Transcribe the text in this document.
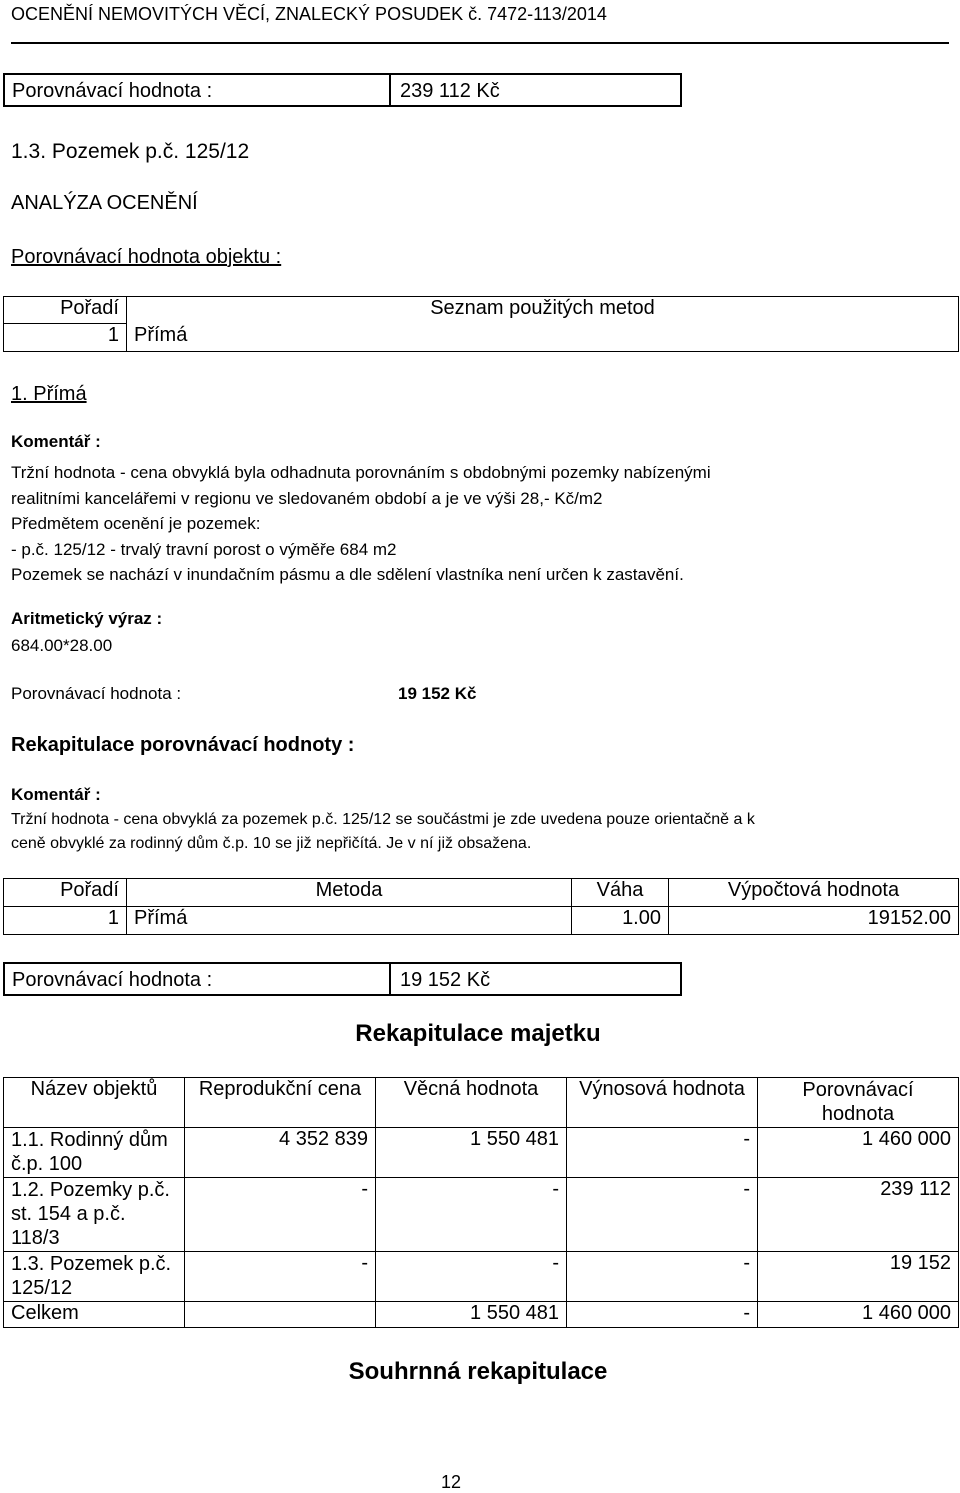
OCENĚNÍ NEMOVITÝCH VĚCÍ, ZNALECKÝ POSUDEK č. 7472-113/2014
Porovnávací hodnota :	239 112 Kč
1.3. Pozemek p.č. 125/12
ANALÝZA OCENĚNÍ
Porovnávací hodnota objektu :
Pořadí	Seznam použitých metod
1	Přímá
1. Přímá
Komentář :
Tržní hodnota - cena obvyklá byla odhadnuta porovnáním s obdobnými pozemky nabízenými
realitními kancelářemi v regionu ve sledovaném období a je ve výši 28,- Kč/m2
Předmětem ocenění je pozemek:
- p.č. 125/12 - trvalý travní porost o výměře 684 m2
Pozemek se nachází v inundačním pásmu a dle sdělení vlastníka není určen k zastavění.
Aritmetický výraz :
684.00*28.00
Porovnávací hodnota :	19 152 Kč
Rekapitulace porovnávací hodnoty :
Komentář :
Tržní hodnota - cena obvyklá za pozemek p.č. 125/12 se součástmi je zde uvedena pouze orientačně a k
ceně obvyklé za rodinný dům č.p. 10 se již nepřičítá. Je v ní již obsažena.
Pořadí	Metoda	Váha	Výpočtová hodnota
1	Přímá	1.00	19152.00
Porovnávací hodnota :	19 152 Kč
Rekapitulace majetku
Název objektů	Reprodukční cena	Věcná hodnota	Výnosová hodnota	Porovnávací hodnota
1.1. Rodinný dům č.p. 100	4 352 839	1 550 481	-	1 460 000
1.2. Pozemky p.č. st. 154 a p.č. 118/3	-	-	-	239 112
1.3. Pozemek p.č. 125/12	-	-	-	19 152
Celkem		1 550 481	-	1 460 000
Souhrnná rekapitulace
12
